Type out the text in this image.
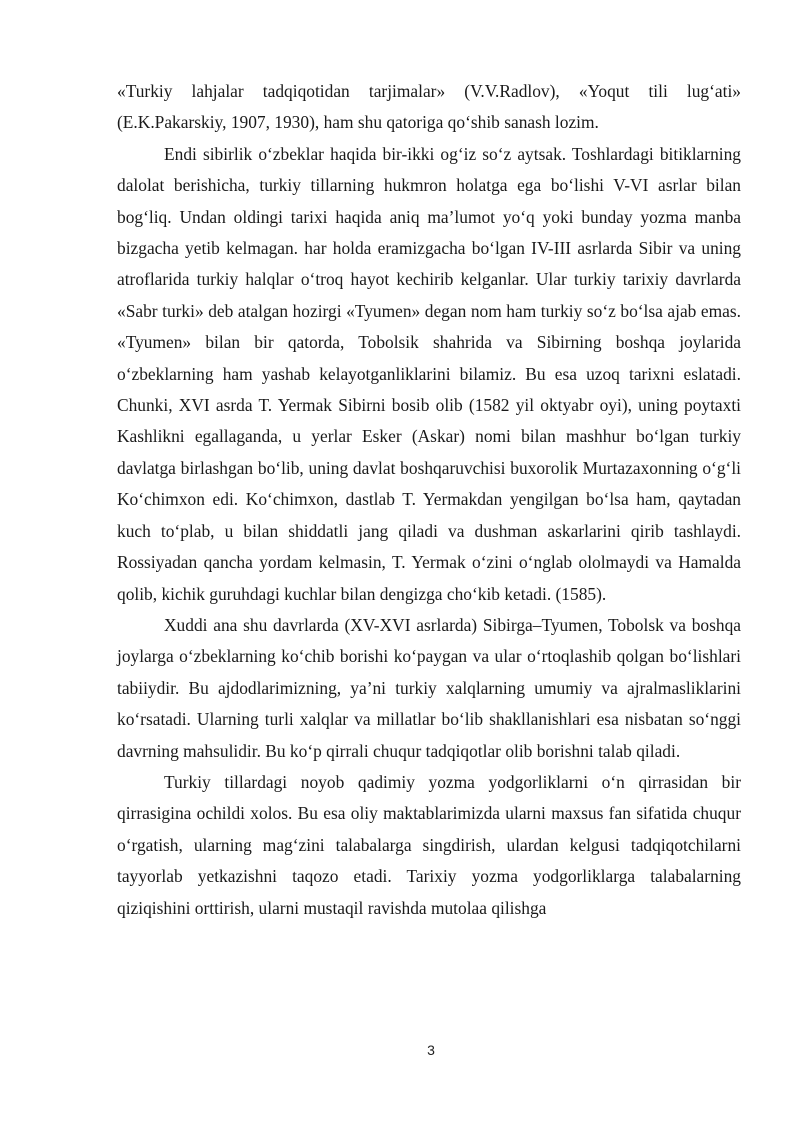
«Turkiy lahjalar tadqiqotidan tarjimalar» (V.V.Radlov), «Yoqut tili lug‘ati» (E.K.Pakarskiy, 1907, 1930), ham shu qatoriga qo‘shib sanash lozim.

Endi sibirlik o‘zbeklar haqida bir-ikki og‘iz so‘z aytsak. Toshlardagi bitiklarning dalolat berishicha, turkiy tillarning hukmron holatga ega bo‘lishi V-VI asrlar bilan bog‘liq. Undan oldingi tarixi haqida aniq ma’lumot yo‘q yoki bunday yozma manba bizgacha yetib kelmagan. har holda eramizgacha bo‘lgan IV-III asrlarda Sibir va uning atroflarida turkiy halqlar o‘troq hayot kechirib kelganlar. Ular turkiy tarixiy davrlarda «Sabr turki» deb atalgan hozirgi «Tyumen» degan nom ham turkiy so‘z bo‘lsa ajab emas. «Tyumen» bilan bir qatorda, Tobolsik shahrida va Sibirning boshqa joylarida o‘zbeklarning ham yashab kelayotganliklarini bilamiz. Bu esa uzoq tarixni eslatadi. Chunki, XVI asrda T. Yermak Sibirni bosib olib (1582 yil oktyabr oyi), uning poytaxti Kashlikni egallaganda, u yerlar Esker (Askar) nomi bilan mashhur bo‘lgan turkiy davlatga birlashgan bo‘lib, uning davlat boshqaruvchisi buxorolik Murtazaxonning o‘g‘li Ko‘chimxon edi. Ko‘chimxon, dastlab T. Yermakdan yengilgan bo‘lsa ham, qaytadan kuch to‘plab, u bilan shiddatli jang qiladi va dushman askarlarini qirib tashlaydi. Rossiyadan qancha yordam kelmasin, T. Yermak o‘zini o‘nglab ololmaydi va Hamalda qolib, kichik guruhdagi kuchlar bilan dengizga cho‘kib ketadi. (1585).

Xuddi ana shu davrlarda (XV-XVI asrlarda) Sibirga–Tyumen, Tobolsk va boshqa joylarga o‘zbeklarning ko‘chib borishi ko‘paygan va ular o‘rtoqlashib qolgan bo‘lishlari tabiiydir. Bu ajdodlarimizning, ya’ni turkiy xalqlarning umumiy va ajralmasliklarini ko‘rsatadi. Ularning turli xalqlar va millatlar bo‘lib shakllanishlari esa nisbatan so‘nggi davrning mahsulidir. Bu ko‘p qirrali chuqur tadqiqotlar olib borishni talab qiladi.

Turkiy tillardagi noyob qadimiy yozma yodgorliklarni o‘n qirrasidan bir qirrasigina ochildi xolos. Bu esa oliy maktablarimizda ularni maxsus fan sifatida chuqur o‘rgatish, ularning mag‘zini talabalarga singdirish, ulardan kelgusi tadqiqotchilarni tayyorlab yetkazishni taqozo etadi. Tarixiy yozma yodgorliklarga talabalarning qiziqishini orttirish, ularni mustaqil ravishda mutolaa qilishga

3
